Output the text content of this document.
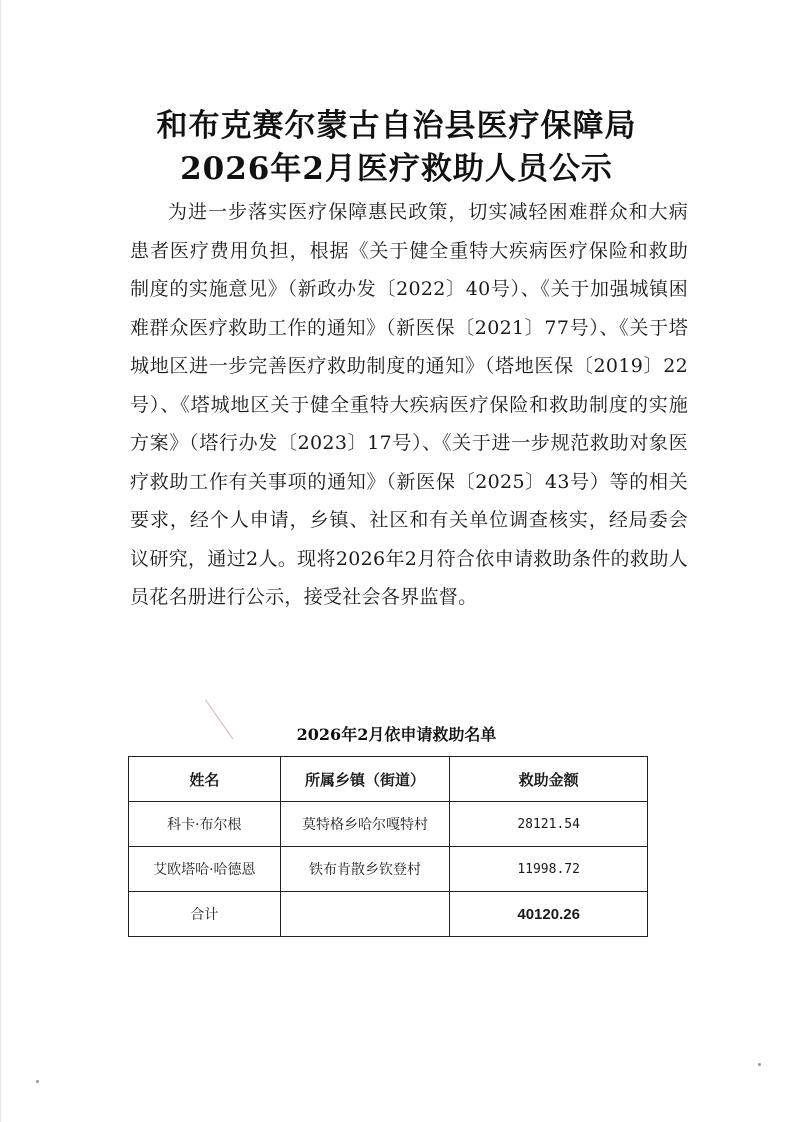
和布克赛尔蒙古自治县医疗保障局
2026年2月医疗救助人员公示
为进一步落实医疗保障惠民政策，切实减轻困难群众和大病患者医疗费用负担，根据《关于健全重特大疾病医疗保险和救助制度的实施意见》（新政办发〔2022〕40号）、《关于加强城镇困难群众医疗救助工作的通知》（新医保〔2021〕77号）、《关于塔城地区进一步完善医疗救助制度的通知》（塔地医保〔2019〕22号）、《塔城地区关于健全重特大疾病医疗保险和救助制度的实施方案》（塔行办发〔2023〕17号）、《关于进一步规范救助对象医疗救助工作有关事项的通知》（新医保〔2025〕43号）等的相关要求，经个人申请，乡镇、社区和有关单位调查核实，经局委会议研究，通过2人。现将2026年2月符合依申请救助条件的救助人员花名册进行公示，接受社会各界监督。
2026年2月依申请救助名单
姓名	所属乡镇（街道）	救助金额
科卡·布尔根	莫特格乡哈尔嘎特村	28121.54
艾欧塔哈·哈德恩	铁布肯散乡钦登村	11998.72
合计		40120.26
